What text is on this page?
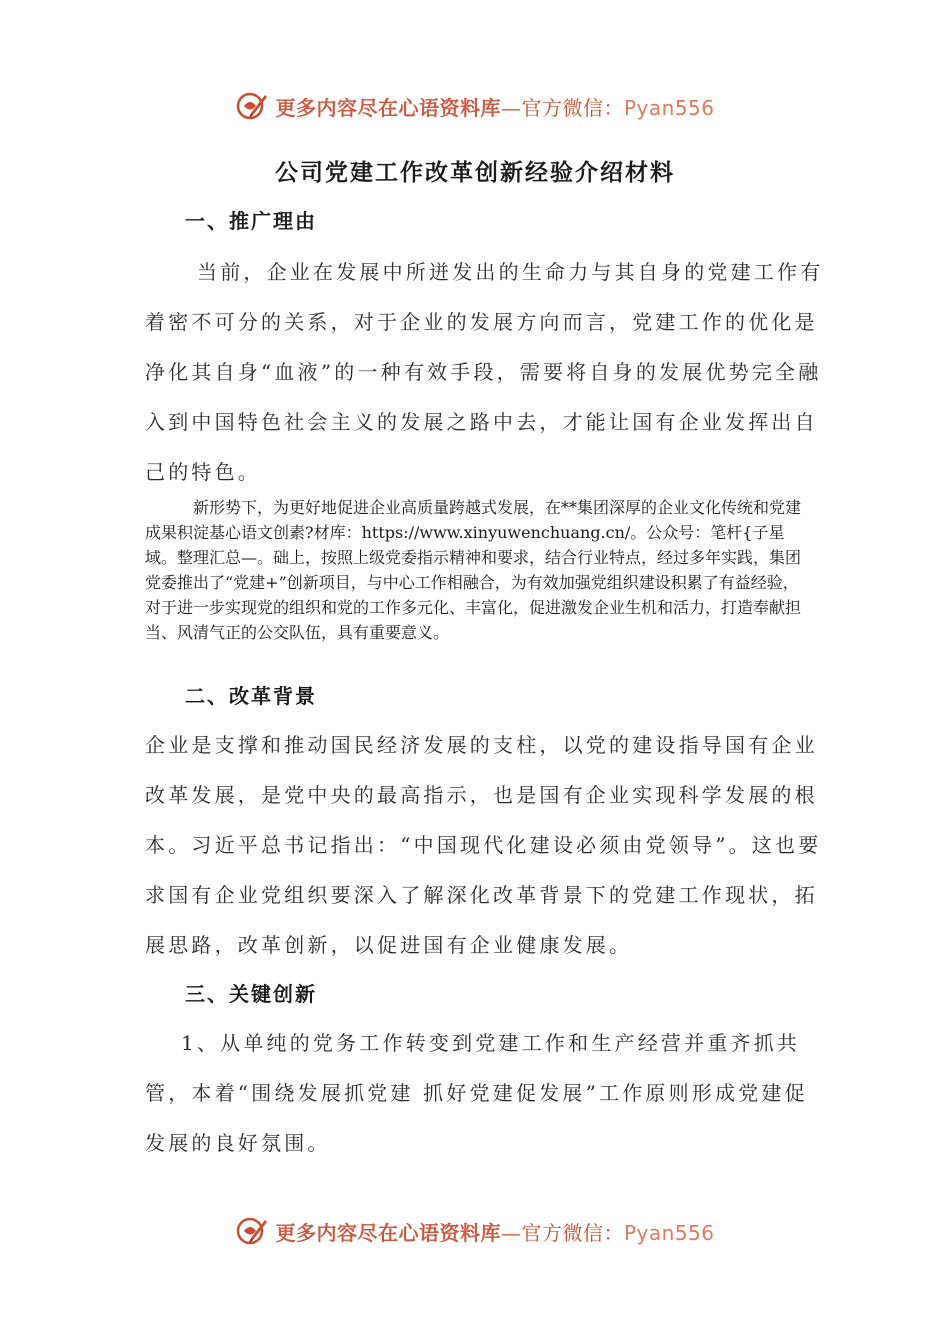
更多内容尽在心语资料库—官方微信：Pyan556
公司党建工作改革创新经验介绍材料
一、推广理由
当前，企业在发展中所迸发出的生命力与其自身的党建工作有着密不可分的关系，对于企业的发展方向而言，党建工作的优化是净化其自身“血液”的一种有效手段，需要将自身的发展优势完全融入到中国特色社会主义的发展之路中去，才能让国有企业发挥出自己的特色。
新形势下，为更好地促进企业高质量跨越式发展，在**集团深厚的企业文化传统和党建成果积淀基心语文创素?材库：https://www.xinyuwenchuang.cn/。公众号：笔杆{子星域。整理汇总—。础上，按照上级党委指示精神和要求，结合行业特点，经过多年实践，集团党委推出了“党建+”创新项目，与中心工作相融合，为有效加强党组织建设积累了有益经验，对于进一步实现党的组织和党的工作多元化、丰富化，促进激发企业生机和活力，打造奉献担当、风清气正的公交队伍，具有重要意义。
二、改革背景
企业是支撑和推动国民经济发展的支柱，以党的建设指导国有企业改革发展，是党中央的最高指示，也是国有企业实现科学发展的根本。习近平总书记指出：“中国现代化建设必须由党领导”。这也要求国有企业党组织要深入了解深化改革背景下的党建工作现状，拓展思路，改革创新，以促进国有企业健康发展。
三、关键创新
1、从单纯的党务工作转变到党建工作和生产经营并重齐抓共管，本着“围绕发展抓党建 抓好党建促发展”工作原则形成党建促发展的良好氛围。
更多内容尽在心语资料库—官方微信：Pyan556
